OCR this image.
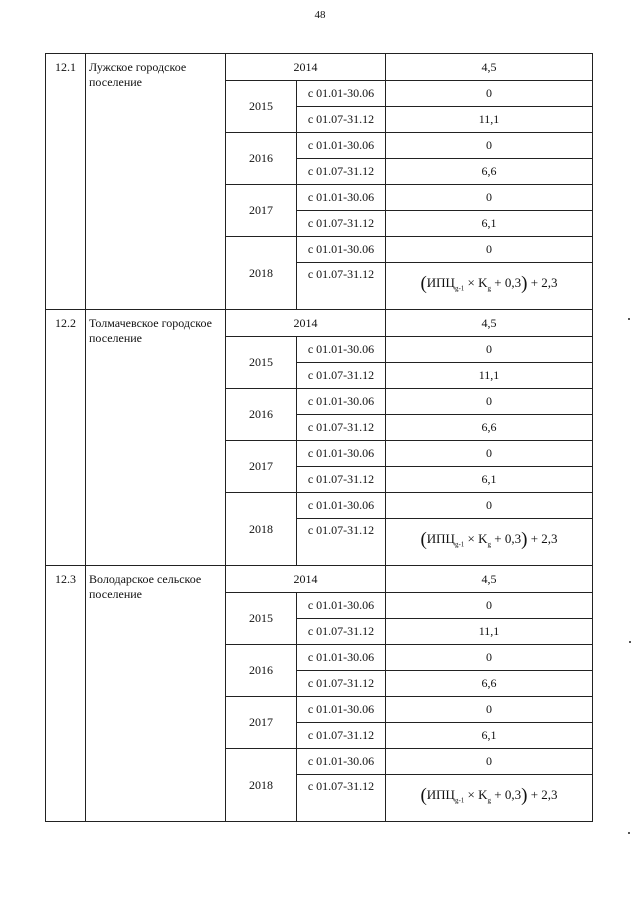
48
12.1	Лужское городское поселение	2014		4,5
		2015	с 01.01-30.06	0
			с 01.07-31.12	11,1
		2016	с 01.01-30.06	0
			с 01.07-31.12	6,6
		2017	с 01.01-30.06	0
			с 01.07-31.12	6,1
		2018	с 01.01-30.06	0
			с 01.07-31.12	$(ИПЦ_{g-1} \times K_g + 0,3) + 2,3$
12.2	Толмачевское городское поселение	2014		4,5
		2015	с 01.01-30.06	0
			с 01.07-31.12	11,1
		2016	с 01.01-30.06	0
			с 01.07-31.12	6,6
		2017	с 01.01-30.06	0
			с 01.07-31.12	6,1
		2018	с 01.01-30.06	0
			с 01.07-31.12	$(ИПЦ_{g-1} \times K_g + 0,3) + 2,3$
12.3	Володарское сельское поселение	2014		4,5
		2015	с 01.01-30.06	0
			с 01.07-31.12	11,1
		2016	с 01.01-30.06	0
			с 01.07-31.12	6,6
		2017	с 01.01-30.06	0
			с 01.07-31.12	6,1
		2018	с 01.01-30.06	0
			с 01.07-31.12	$(ИПЦ_{g-1} \times K_g + 0,3) + 2,3$
